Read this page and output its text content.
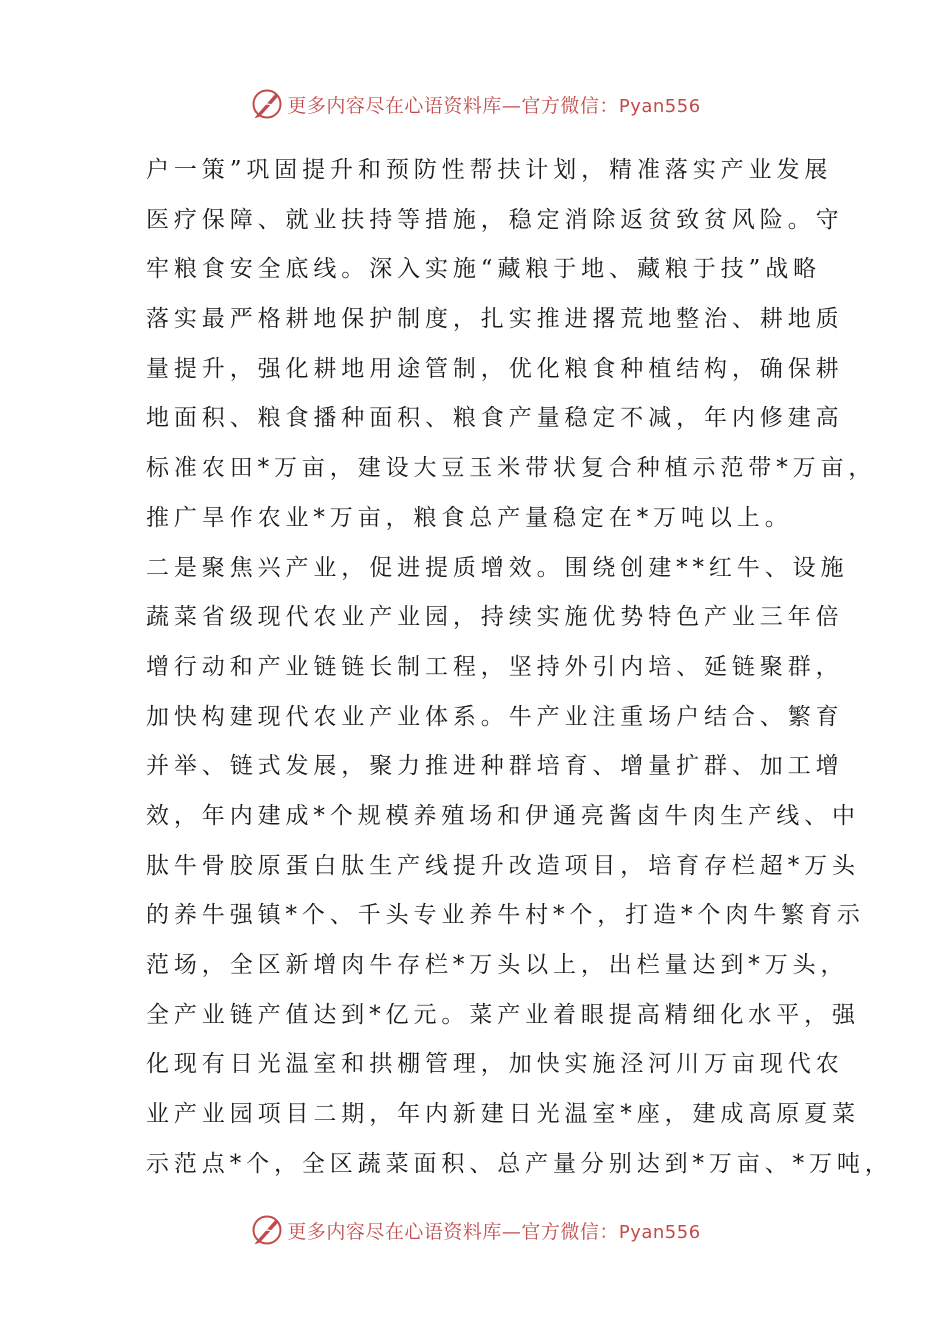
更多内容尽在心语资料库—官方微信：Pyan556
户一策”巩固提升和预防性帮扶计划，精准落实产业发展
医疗保障、就业扶持等措施，稳定消除返贫致贫风险。守
牢粮食安全底线。深入实施“藏粮于地、藏粮于技”战略
落实最严格耕地保护制度，扎实推进撂荒地整治、耕地质
量提升，强化耕地用途管制，优化粮食种植结构，确保耕
地面积、粮食播种面积、粮食产量稳定不减，年内修建高
标准农田*万亩，建设大豆玉米带状复合种植示范带*万亩，
推广旱作农业*万亩，粮食总产量稳定在*万吨以上。
二是聚焦兴产业，促进提质增效。围绕创建**红牛、设施
蔬菜省级现代农业产业园，持续实施优势特色产业三年倍
增行动和产业链链长制工程，坚持外引内培、延链聚群，
加快构建现代农业产业体系。牛产业注重场户结合、繁育
并举、链式发展，聚力推进种群培育、增量扩群、加工增
效，年内建成*个规模养殖场和伊通亮酱卤牛肉生产线、中
肽牛骨胶原蛋白肽生产线提升改造项目，培育存栏超*万头
的养牛强镇*个、千头专业养牛村*个，打造*个肉牛繁育示
范场，全区新增肉牛存栏*万头以上，出栏量达到*万头，
全产业链产值达到*亿元。菜产业着眼提高精细化水平，强
化现有日光温室和拱棚管理，加快实施泾河川万亩现代农
业产业园项目二期，年内新建日光温室*座，建成高原夏菜
示范点*个，全区蔬菜面积、总产量分别达到*万亩、*万吨，
更多内容尽在心语资料库—官方微信：Pyan556
